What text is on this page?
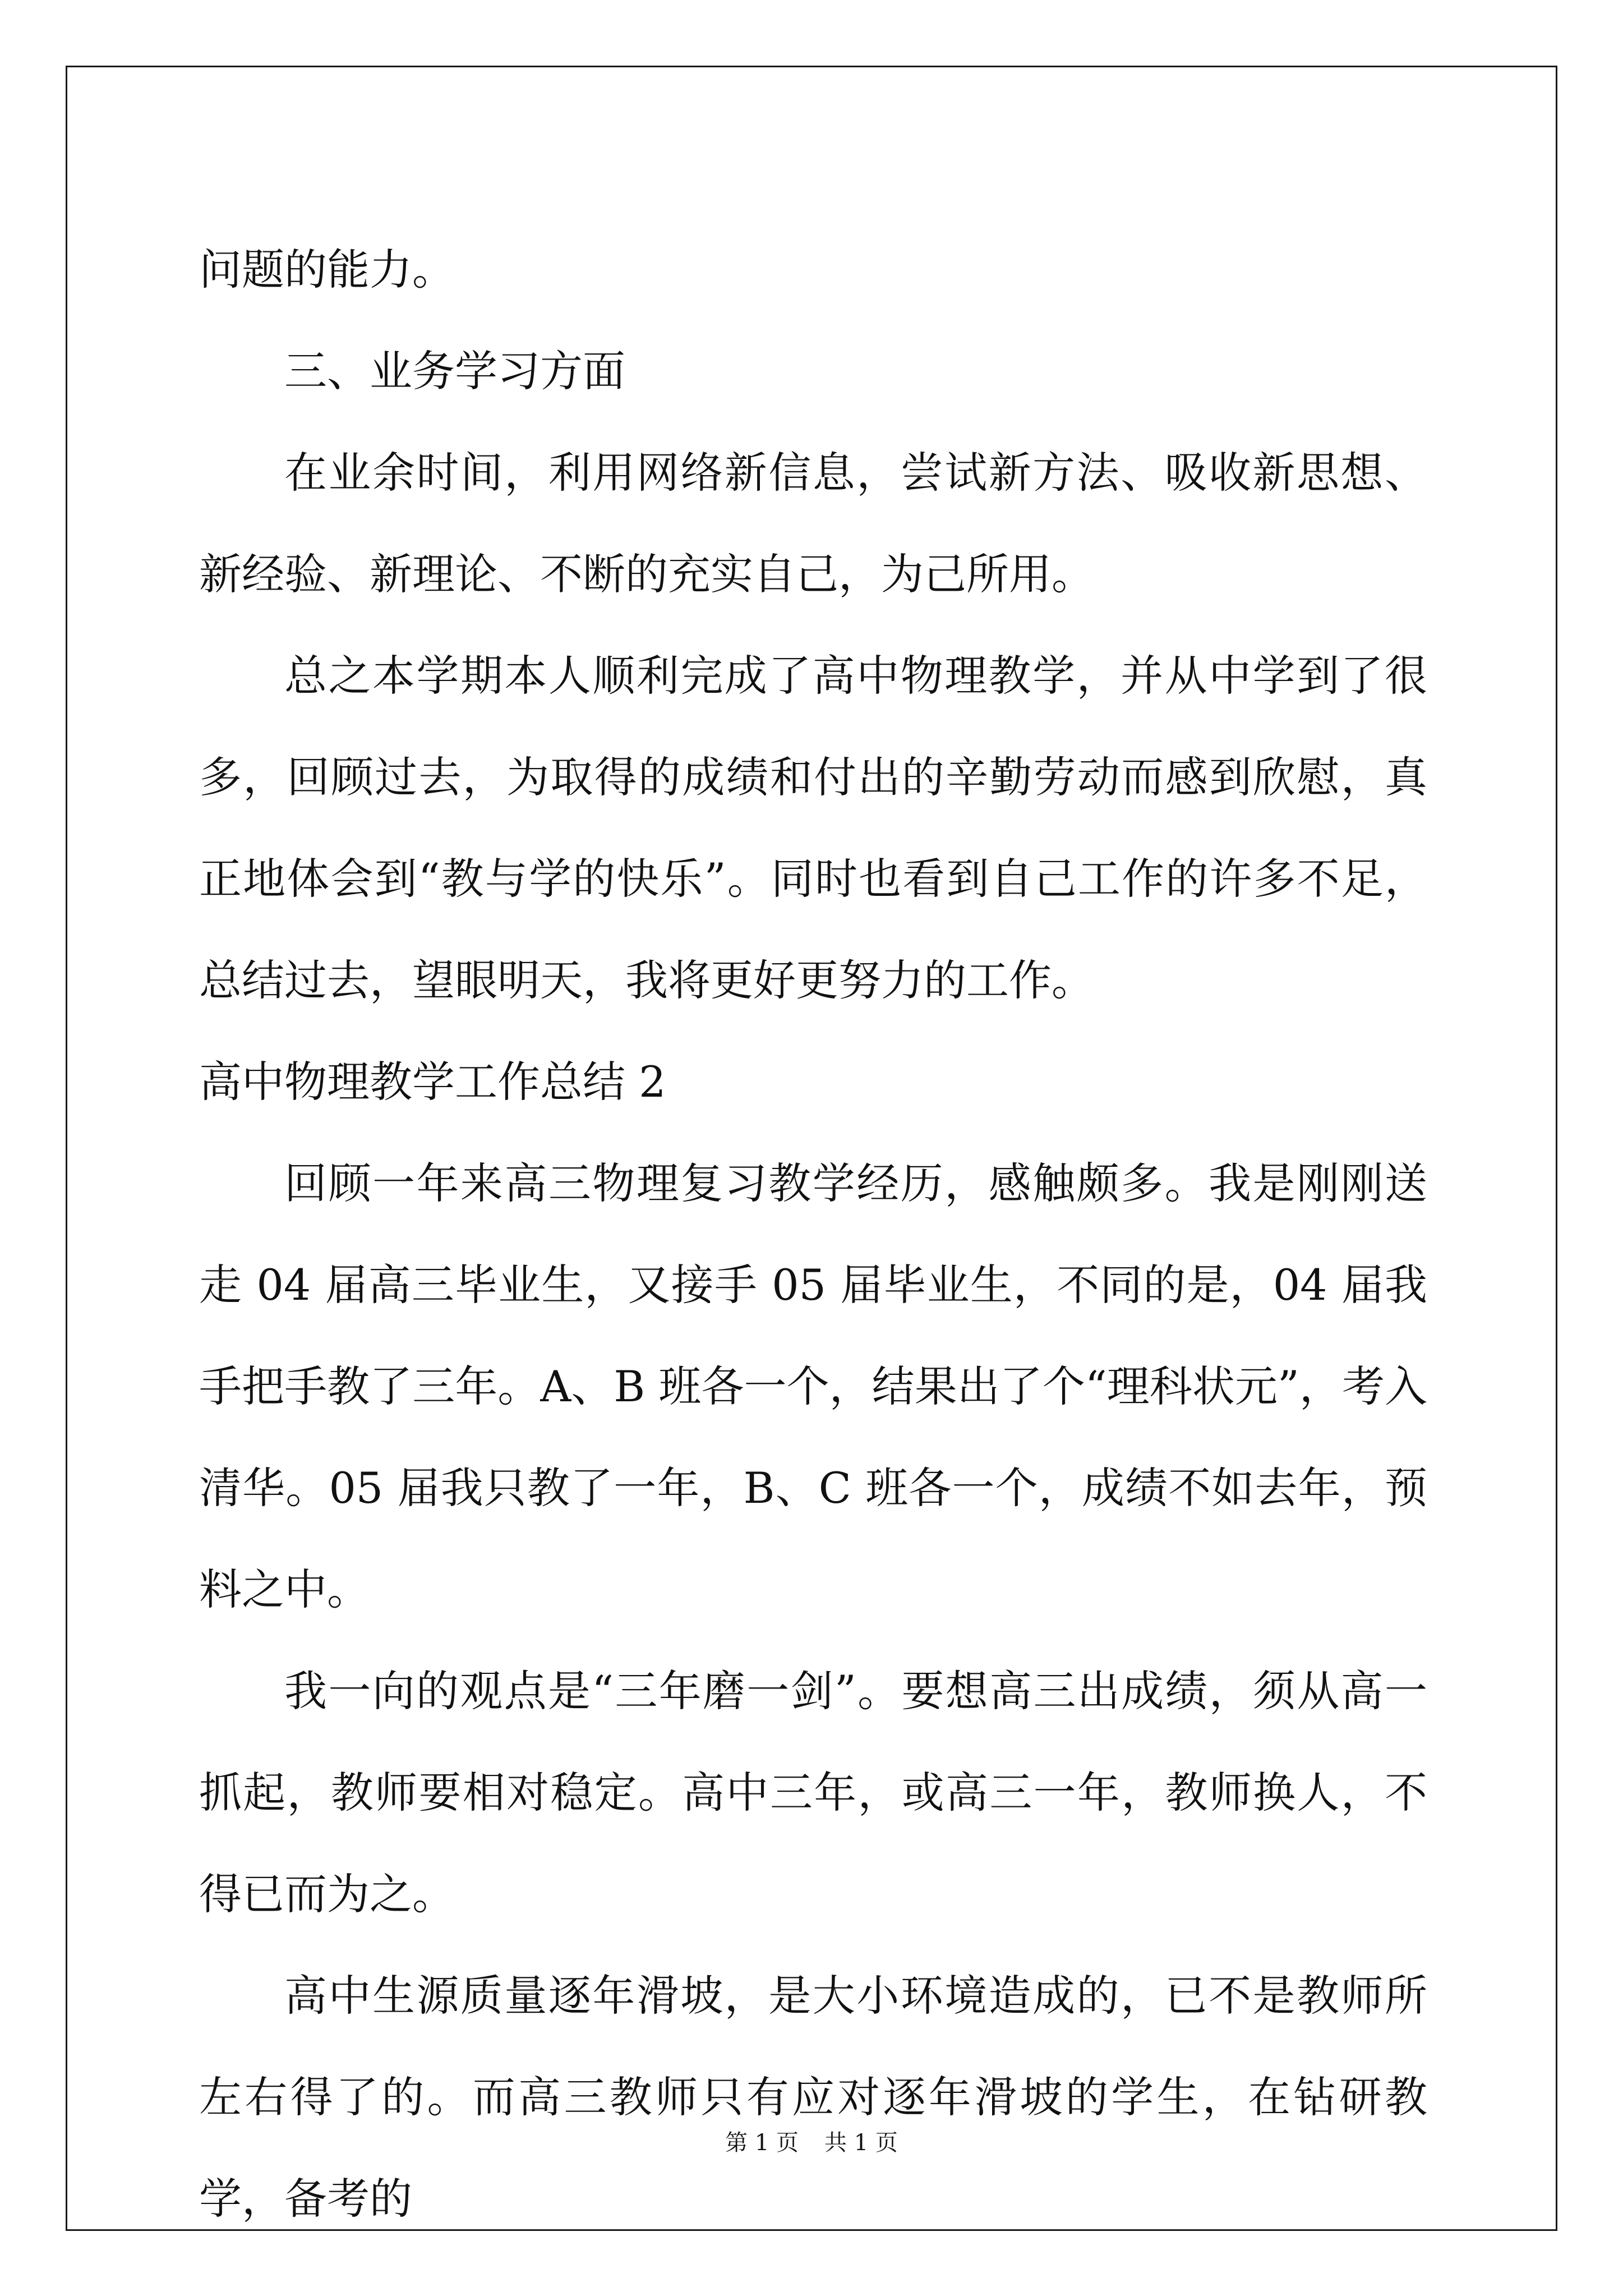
问题的能力。

三、业务学习方面

在业余时间，利用网络新信息，尝试新方法、吸收新思想、新经验、新理论、不断的充实自己，为己所用。

总之本学期本人顺利完成了高中物理教学，并从中学到了很多，回顾过去，为取得的成绩和付出的辛勤劳动而感到欣慰，真正地体会到“教与学的快乐”。同时也看到自己工作的许多不足，总结过去，望眼明天，我将更好更努力的工作。

高中物理教学工作总结 2

回顾一年来高三物理复习教学经历，感触颇多。我是刚刚送走 04 届高三毕业生，又接手 05 届毕业生，不同的是，04 届我手把手教了三年。A、B 班各一个，结果出了个“理科状元”，考入清华。05 届我只教了一年，B、C 班各一个，成绩不如去年，预料之中。

我一向的观点是“三年磨一剑”。要想高三出成绩，须从高一抓起，教师要相对稳定。高中三年，或高三一年，教师换人，不得已而为之。

高中生源质量逐年滑坡，是大小环境造成的，已不是教师所左右得了的。而高三教师只有应对逐年滑坡的学生，在钻研教学，备考的

第 1 页 共 1 页
